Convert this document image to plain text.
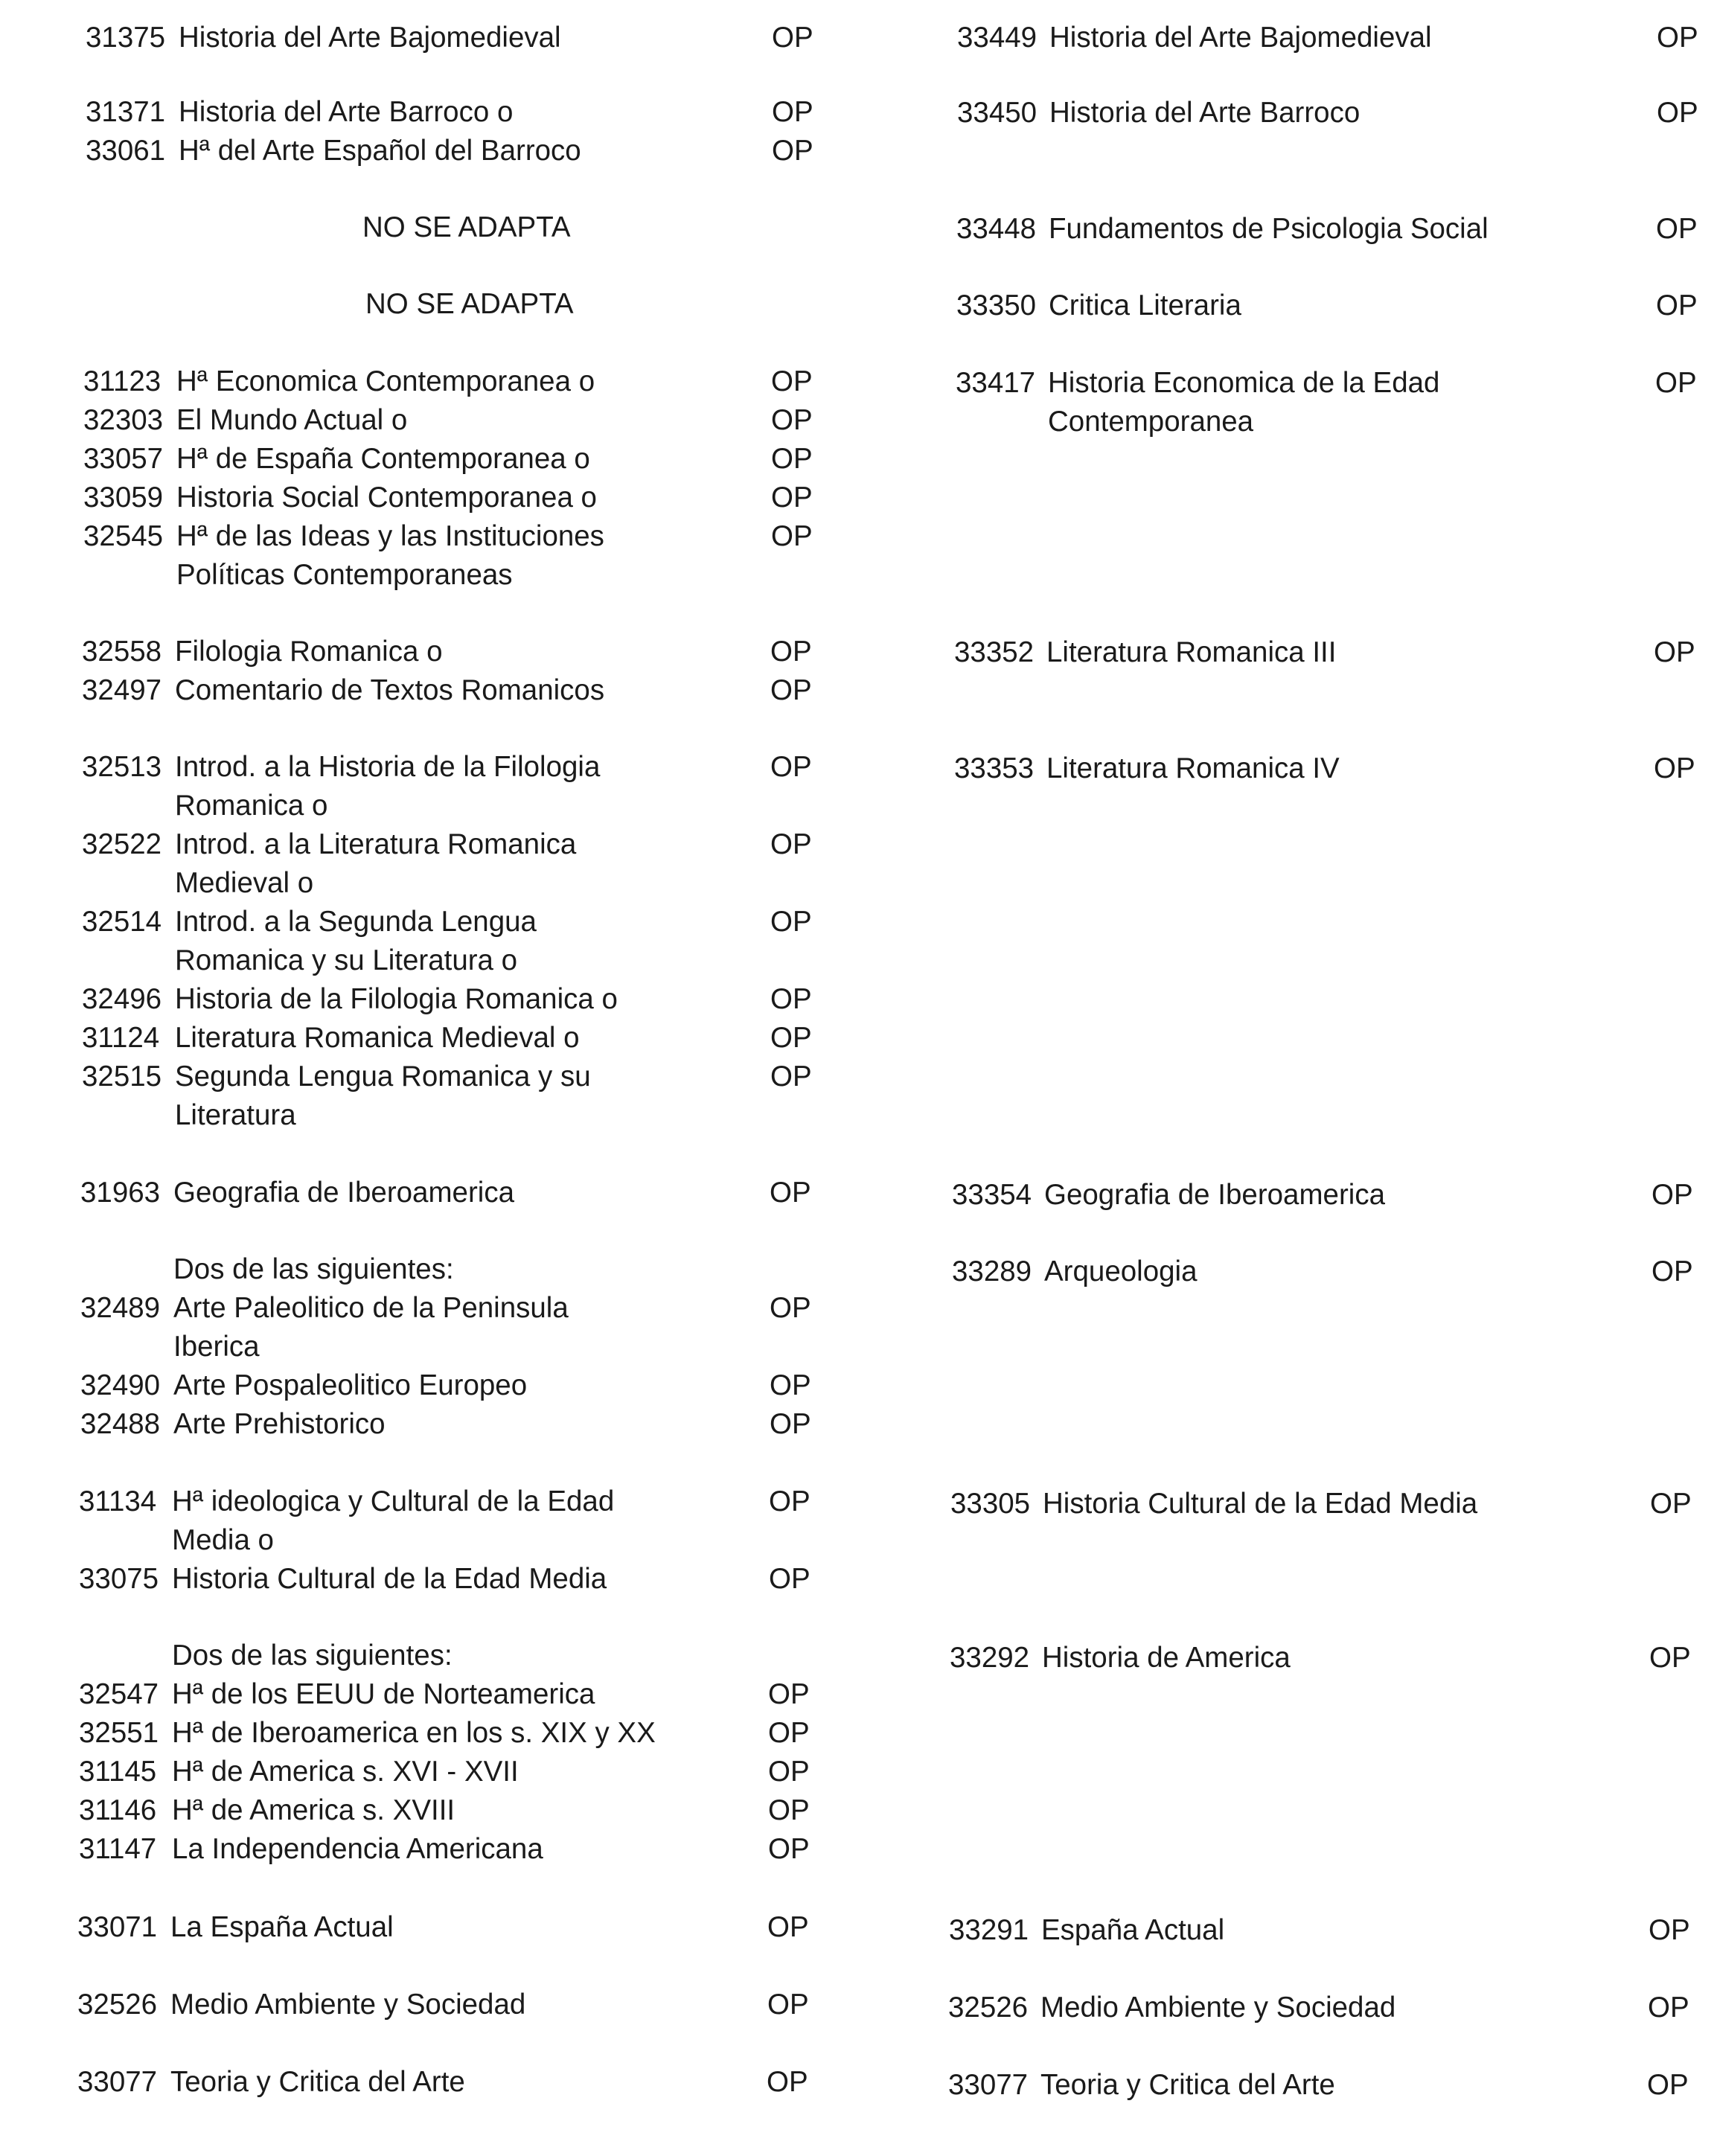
31375 Historia del Arte Bajomedieval	OP
31371 Historia del Arte Barroco o	OP
33061 Hª del Arte Español del Barroco	OP
NO SE ADAPTA
NO SE ADAPTA
31123 Hª Economica Contemporanea o	OP
32303 El Mundo Actual o	OP
33057 Hª de España Contemporanea o	OP
33059 Historia Social Contemporanea o	OP
32545 Hª de las Ideas y las Instituciones	OP
Políticas Contemporaneas
32558 Filologia Romanica o	OP
32497 Comentario de Textos Romanicos	OP
32513 Introd. a la Historia de la Filologia	OP
Romanica o
32522 Introd. a la Literatura Romanica	OP
Medieval o
32514 Introd. a la Segunda Lengua	OP
Romanica y su Literatura o
32496 Historia de la Filologia Romanica o	OP
31124 Literatura Romanica Medieval o	OP
32515 Segunda Lengua Romanica y su	OP
Literatura
31963 Geografia de Iberoamerica	OP
Dos de las siguientes:
32489 Arte Paleolitico de la Peninsula	OP
Iberica
32490 Arte Pospaleolitico Europeo	OP
32488 Arte Prehistorico	OP
31134 Hª ideologica y Cultural de la Edad	OP
Media o
33075 Historia Cultural de la Edad Media	OP
Dos de las siguientes:
32547 Hª de los EEUU de Norteamerica	OP
32551 Hª de Iberoamerica en los s. XIX y XX	OP
31145 Hª de America s. XVI - XVII	OP
31146 Hª de America s. XVIII	OP
31147 La Independencia Americana	OP
33071 La España Actual	OP
32526 Medio Ambiente y Sociedad	OP
33077 Teoria y Critica del Arte	OP
33449 Historia del Arte Bajomedieval	OP
33450 Historia del Arte Barroco	OP
33448 Fundamentos de Psicologia Social	OP
33350 Critica Literaria	OP
33417 Historia Economica de la Edad	OP
Contemporanea
33352 Literatura Romanica III	OP
33353 Literatura Romanica IV	OP
33354 Geografia de Iberoamerica	OP
33289 Arqueologia	OP
33305 Historia Cultural de la Edad Media	OP
33292 Historia de America	OP
33291 España Actual	OP
32526 Medio Ambiente y Sociedad	OP
33077 Teoria y Critica del Arte	OP
